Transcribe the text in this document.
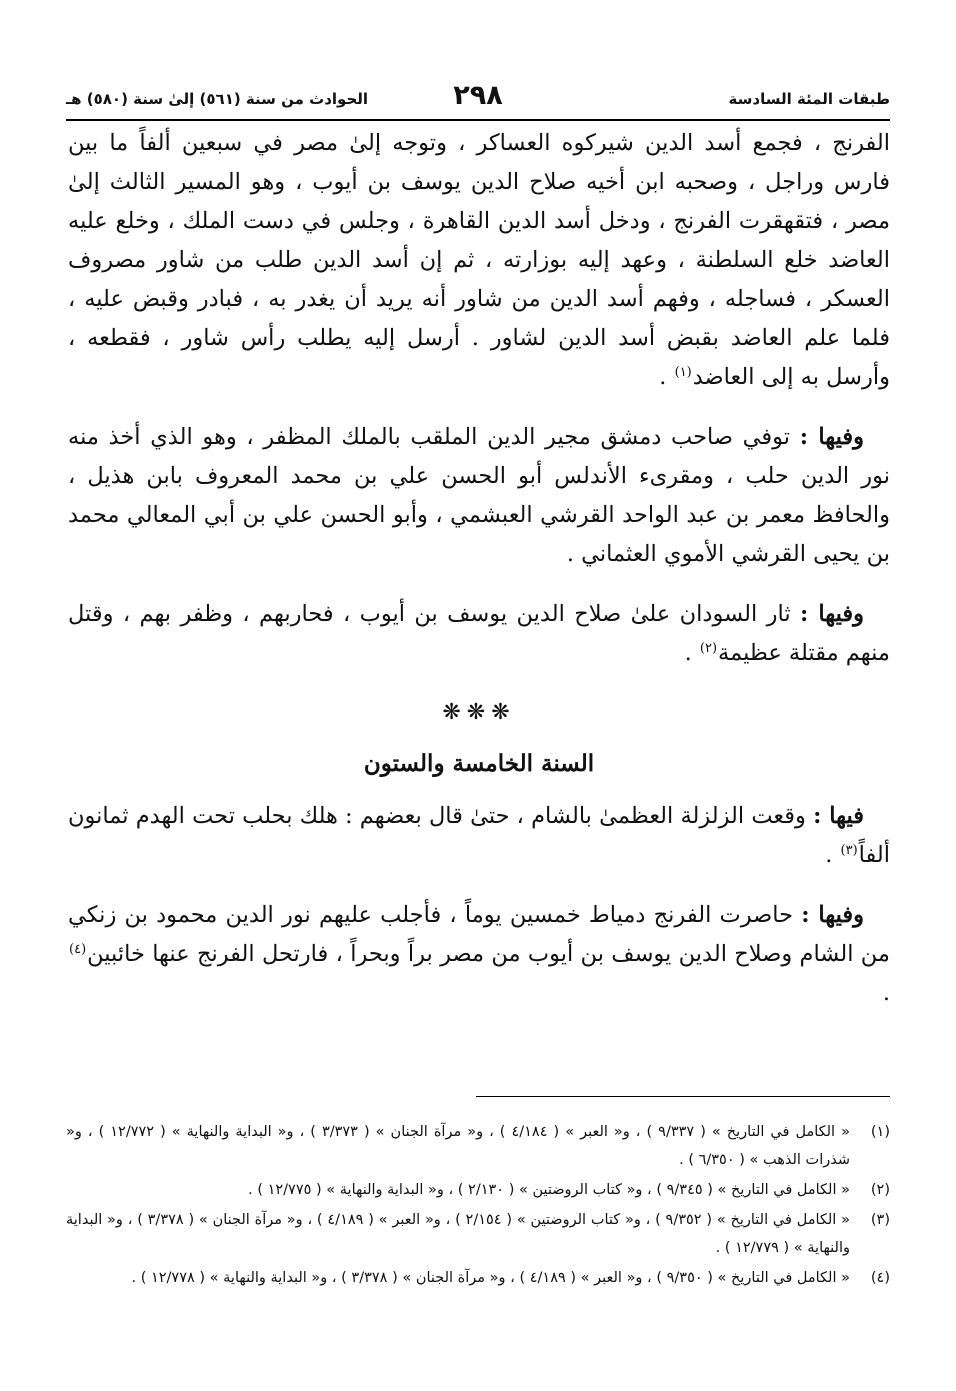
طبقات المئة السادسة
٢٩٨
الحوادث من سنة (٥٦١) إلىٰ سنة (٥٨٠) هـ

الفرنج ، فجمع أسد الدين شيركوه العساكر ، وتوجه إلىٰ مصر في سبعين ألفاً ما بين فارس وراجل ، وصحبه ابن أخيه صلاح الدين يوسف بن أيوب ، وهو المسير الثالث إلىٰ مصر ، فتقهقرت الفرنج ، ودخل أسد الدين القاهرة ، وجلس في دست الملك ، وخلع عليه العاضد خلع السلطنة ، وعهد إليه بوزارته ، ثم إن أسد الدين طلب من شاور مصروف العسكر ، فساجله ، وفهم أسد الدين من شاور أنه يريد أن يغدر به ، فبادر وقبض عليه ، فلما علم العاضد بقبض أسد الدين لشاور . أرسل إليه يطلب رأس شاور ، فقطعه ، وأرسل به إلى العاضد$^{(١)}$ .

وفيها : توفي صاحب دمشق مجير الدين الملقب بالملك المظفر ، وهو الذي أخذ منه نور الدين حلب ، ومقرىء الأندلس أبو الحسن علي بن محمد المعروف بابن هذيل ، والحافظ معمر بن عبد الواحد القرشي العبشمي ، وأبو الحسن علي بن أبي المعالي محمد بن يحيى القرشي الأموي العثماني .

وفيها : ثار السودان علىٰ صلاح الدين يوسف بن أيوب ، فحاربهم ، وظفر بهم ، وقتل منهم مقتلة عظيمة$^{(٢)}$ .

❋❋❋
السنة الخامسة والستون

فيها : وقعت الزلزلة العظمىٰ بالشام ، حتىٰ قال بعضهم : هلك بحلب تحت الهدم ثمانون ألفاً$^{(٣)}$ .

وفيها : حاصرت الفرنج دمياط خمسين يوماً ، فأجلب عليهم نور الدين محمود بن زنكي من الشام وصلاح الدين يوسف بن أيوب من مصر براً وبحراً ، فارتحل الفرنج عنها خائبين$^{(٤)}$ .

(١)
« الكامل في التاريخ » ( ٩/٣٣٧ ) ، و« العبر » ( ٤/١٨٤ ) ، و« مرآة الجنان » ( ٣/٣٧٣ ) ، و« البداية والنهاية » ( ١٢/٧٧٢ ) ، و« شذرات الذهب » ( ٦/٣٥٠ ) .
(٢)
« الكامل في التاريخ » ( ٩/٣٤٥ ) ، و« كتاب الروضتين » ( ٢/١٣٠ ) ، و« البداية والنهاية » ( ١٢/٧٧٥ ) .
(٣)
« الكامل في التاريخ » ( ٩/٣٥٢ ) ، و« كتاب الروضتين » ( ٢/١٥٤ ) ، و« العبر » ( ٤/١٨٩ ) ، و« مرآة الجنان » ( ٣/٣٧٨ ) ، و« البداية والنهاية » ( ١٢/٧٧٩ ) .
(٤)
« الكامل في التاريخ » ( ٩/٣٥٠ ) ، و« العبر » ( ٤/١٨٩ ) ، و« مرآة الجنان » ( ٣/٣٧٨ ) ، و« البداية والنهاية » ( ١٢/٧٧٨ ) .
